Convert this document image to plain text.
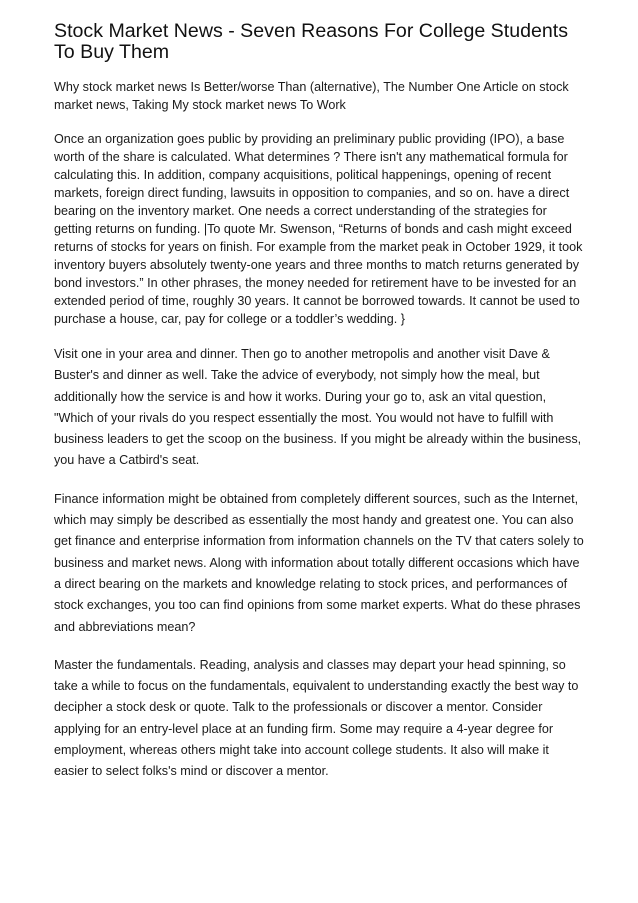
Stock Market News - Seven Reasons For College Students To Buy Them

Why stock market news Is Better/worse Than (alternative), The Number One Article on stock market news, Taking My stock market news To Work

Once an organization goes public by providing an preliminary public providing (IPO), a base worth of the share is calculated. What determines ? There isn't any mathematical formula for calculating this. In addition, company acquisitions, political happenings, opening of recent markets, foreign direct funding, lawsuits in opposition to companies, and so on. have a direct bearing on the inventory market. One needs a correct understanding of the strategies for getting returns on funding. |To quote Mr. Swenson, “Returns of bonds and cash might exceed returns of stocks for years on finish. For example from the market peak in October 1929, it took inventory buyers absolutely twenty-one years and three months to match returns generated by bond investors.” In other phrases, the money needed for retirement have to be invested for an extended period of time, roughly 30 years. It cannot be borrowed towards. It cannot be used to purchase a house, car, pay for college or a toddler’s wedding. }

Visit one in your area and dinner. Then go to another metropolis and another visit Dave & Buster's and dinner as well. Take the advice of everybody, not simply how the meal, but additionally how the service is and how it works. During your go to, ask an vital question, "Which of your rivals do you respect essentially the most. You would not have to fulfill with business leaders to get the scoop on the business. If you might be already within the business, you have a Catbird's seat.

Finance information might be obtained from completely different sources, such as the Internet, which may simply be described as essentially the most handy and greatest one. You can also get finance and enterprise information from information channels on the TV that caters solely to business and market news. Along with information about totally different occasions which have a direct bearing on the markets and knowledge relating to stock prices, and performances of stock exchanges, you too can find opinions from some market experts. What do these phrases and abbreviations mean?

Master the fundamentals. Reading, analysis and classes may depart your head spinning, so take a while to focus on the fundamentals, equivalent to understanding exactly the best way to decipher a stock desk or quote. Talk to the professionals or discover a mentor. Consider applying for an entry-level place at an funding firm. Some may require a 4-year degree for employment, whereas others might take into account college students. It also will make it easier to select folks's mind or discover a mentor.
